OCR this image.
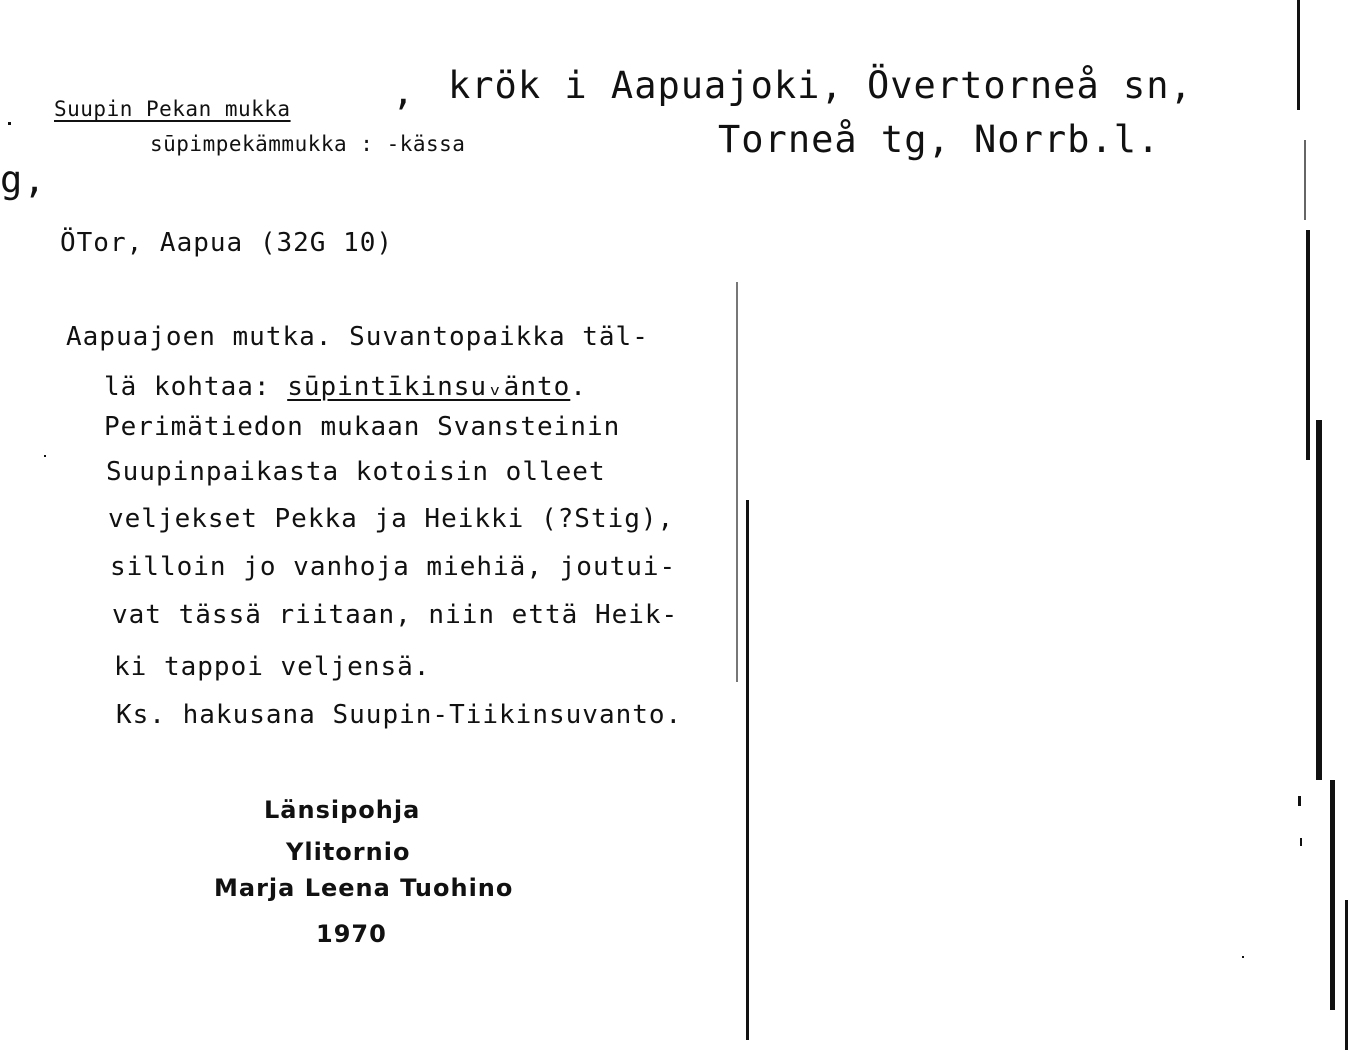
Suupin Pekan mukka	, krök i Aapuajoki, Övertorneå sn,
sūpimpekämmukka : -kässa	Torneå tg, Norrb.l.
g,
ÖTor, Aapua (32G 10)
Aapuajoen mutka. Suvantopaikka täl-
lä kohtaa: sūpintīkinsuᵥänto.
Perimätiedon mukaan Svansteinin
Suupinpaikasta kotoisin olleet
veljekset Pekka ja Heikki (?Stig),
silloin jo vanhoja miehiä, joutui-
vat tässä riitaan, niin että Heik-
ki tappoi veljensä.
Ks. hakusana Suupin-Tiikinsuvanto.
Länsipohja
Ylitornio
Marja Leena Tuohino
1970
